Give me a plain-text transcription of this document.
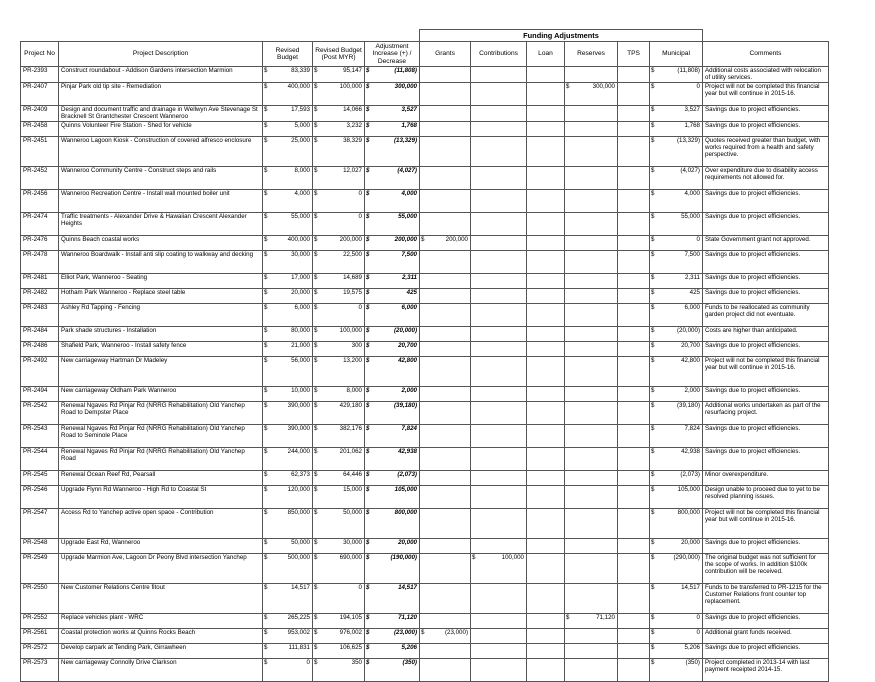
					Funding Adjustments						
Project No	Project Description	Revised Budget	Revised Budget (Post MYR)	Adjustment Increase (+) / Decrease	Grants	Contributions	Loan	Reserves	TPS	Municipal	Comments
PR-2393	Construct roundabout - Addison Gardens intersection Marmion	$ 83,339	$ 95,147	$ (11,808)						$ (11,808)	Additional costs associated with relocation of utility services.
PR-2407	Pinjar Park old tip site - Remediation	$ 400,000	$ 100,000	$ 300,000				$ 300,000		$ 0	Project will not be completed this financial year but will continue in 2015-16.
PR-2409	Design and document traffic and drainage in Wellwyn Ave Stevenage St Bracknell St Grantchester Crescent Wanneroo	$ 17,593	$ 14,066	$ 3,527						$ 3,527	Savings due to project efficiencies.
PR-2458	Quinns Volunteer Fire Station - Shed for vehicle	$ 5,000	$ 3,232	$ 1,768						$ 1,768	Savings due to project efficiencies.
PR-2451	Wanneroo Lagoon Kiosk - Construction of covered alfresco enclosure	$ 25,000	$ 38,329	$ (13,329)						$ (13,329)	Quotes received greater than budget, with works required from a health and safety perspective.
PR-2452	Wanneroo Community Centre - Construct steps and rails	$ 8,000	$ 12,027	$ (4,027)						$ (4,027)	Over expenditure due to disability access requirements not allowed for.
PR-2456	Wanneroo Recreation Centre - Install wall mounted boiler unit	$ 4,000	$ 0	$ 4,000						$ 4,000	Savings due to project efficiencies.
PR-2474	Traffic treatments - Alexander Drive & Hawaiian Crescent Alexander Heights	$ 55,000	$ 0	$ 55,000						$ 55,000	Savings due to project efficiencies.
PR-2476	Quinns Beach coastal works	$ 400,000	$ 200,000	$ 200,000	$ 200,000					$ 0	State Government grant not approved.
PR-2478	Wanneroo Boardwalk - Install anti slip coating to walkway and decking	$ 30,000	$ 22,500	$ 7,500						$ 7,500	Savings due to project efficiencies.
PR-2481	Elliot Park, Wanneroo - Seating	$ 17,000	$ 14,689	$ 2,311						$ 2,311	Savings due to project efficiencies.
PR-2482	Hotham Park Wanneroo - Replace steel table	$ 20,000	$ 19,575	$ 425						$ 425	Savings due to project efficiencies.
PR-2483	Ashley Rd Tapping - Fencing	$ 6,000	$ 0	$ 6,000						$ 6,000	Funds to be reallocated as community garden project did not eventuate.
PR-2484	Park shade structures - Installation	$ 80,000	$ 100,000	$ (20,000)						$ (20,000)	Costs are higher than anticipated.
PR-2486	Shafield Park, Wanneroo - Install safety fence	$ 21,000	$ 300	$ 20,700						$ 20,700	Savings due to project efficiencies.
PR-2492	New carriageway Hartman Dr Madeley	$ 56,000	$ 13,200	$ 42,800						$ 42,800	Project will not be completed this financial year but will continue in 2015-16.
PR-2494	New carriageway Oldham Park Wanneroo	$ 10,000	$ 8,000	$ 2,000						$ 2,000	Savings due to project efficiencies.
PR-2542	Renewal Ngaves Rd Pinjar Rd (NRRG Rehabilitation) Old Yanchep Road to Dempster Place	$ 390,000	$ 429,180	$ (39,180)						$ (39,180)	Additional works undertaken as part of the resurfacing project.
PR-2543	Renewal Ngaves Rd Pinjar Rd (NRRG Rehabilitation) Old Yanchep Road to Seminole Place	$ 390,000	$ 382,176	$ 7,824						$ 7,824	Savings due to project efficiencies.
PR-2544	Renewal Ngaves Rd Pinjar Rd (NRRG Rehabilitation) Old Yanchep Road	$ 244,000	$ 201,062	$ 42,938						$ 42,938	Savings due to project efficiencies.
PR-2545	Renewal Ocean Reef Rd, Pearsall	$ 62,373	$ 64,446	$ (2,073)						$ (2,073)	Minor overexpenditure.
PR-2546	Upgrade Flynn Rd Wanneroo - High Rd to Coastal St	$ 120,000	$ 15,000	$ 105,000						$ 105,000	Design unable to proceed due to yet to be resolved planning issues.
PR-2547	Access Rd to Yanchep active open space - Contribution	$ 850,000	$ 50,000	$ 800,000						$ 800,000	Project will not be completed this financial year but will continue in 2015-16.
PR-2548	Upgrade East Rd, Wanneroo	$ 50,000	$ 30,000	$ 20,000						$ 20,000	Savings due to project efficiencies.
PR-2549	Upgrade Marmion Ave, Lagoon Dr Peony Blvd intersection Yanchep	$ 500,000	$ 690,000	$ (190,000)		$ 100,000				$ (290,000)	The original budget was not sufficient for the scope of works. In addition $100k contribution will be received.
PR-2550	New Customer Relations Centre fitout	$ 14,517	$ 0	$ 14,517						$ 14,517	Funds to be transferred to PR-1215 for the Customer Relations front counter top replacement.
PR-2552	Replace vehicles plant - WRC	$ 265,225	$ 194,105	$ 71,120				$ 71,120		$ 0	Savings due to project efficiencies.
PR-2561	Coastal protection works at Quinns Rocks Beach	$ 953,002	$ 976,002	$ (23,000)	$ (23,000)					$ 0	Additional grant funds received.
PR-2572	Develop carpark at Tending Park, Girrawheen	$ 111,831	$ 106,625	$ 5,206						$ 5,206	Savings due to project efficiencies.
PR-2573	New carriageway Connolly Drive Clarkson	$ 0	$ 350	$ (350)						$ (350)	Project completed in 2013-14 with last payment receipted 2014-15.
